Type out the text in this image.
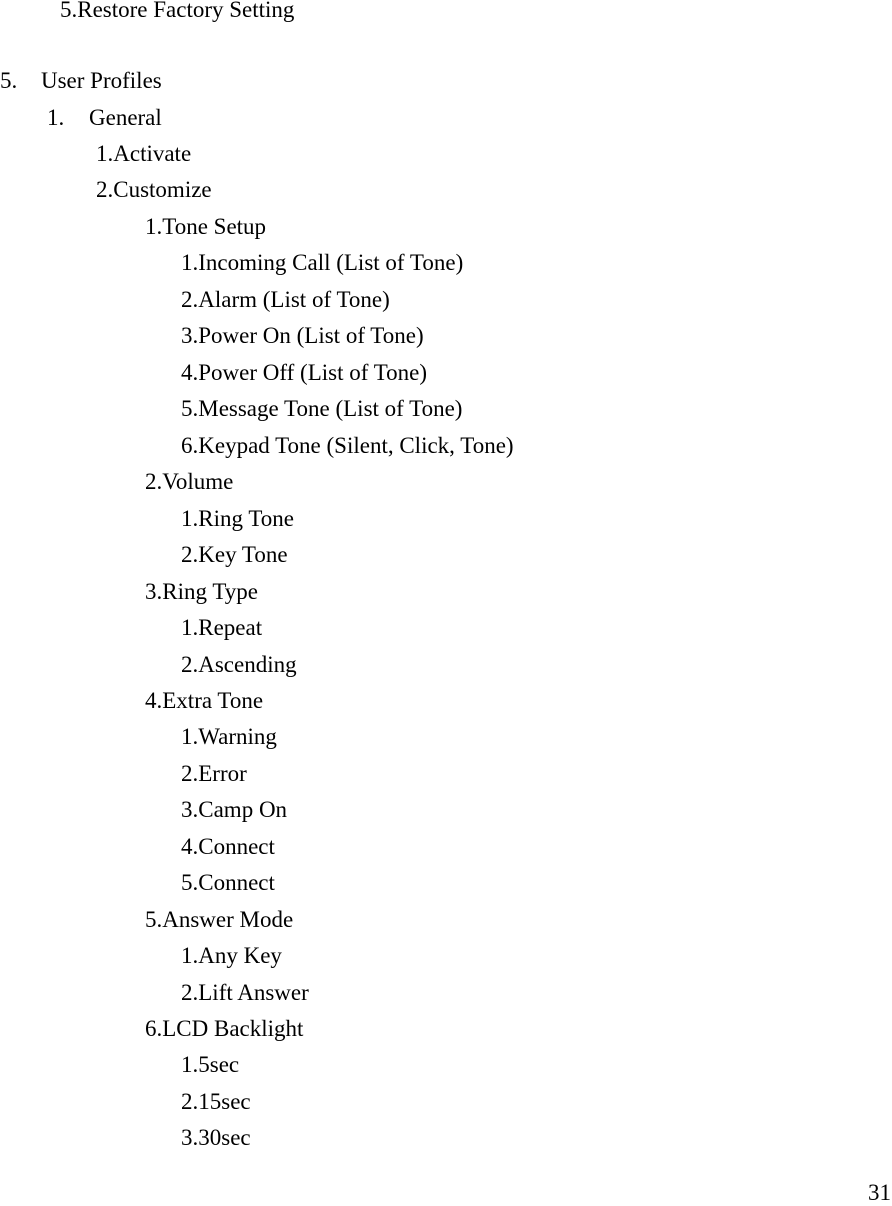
5.Restore Factory Setting
5. User Profiles
1. General
1.Activate
2.Customize
1.Tone Setup
1.Incoming Call (List of Tone)
2.Alarm (List of Tone)
3.Power On (List of Tone)
4.Power Off (List of Tone)
5.Message Tone (List of Tone)
6.Keypad Tone (Silent, Click, Tone)
2.Volume
1.Ring Tone
2.Key Tone
3.Ring Type
1.Repeat
2.Ascending
4.Extra Tone
1.Warning
2.Error
3.Camp On
4.Connect
5.Connect
5.Answer Mode
1.Any Key
2.Lift Answer
6.LCD Backlight
1.5sec
2.15sec
3.30sec
31
